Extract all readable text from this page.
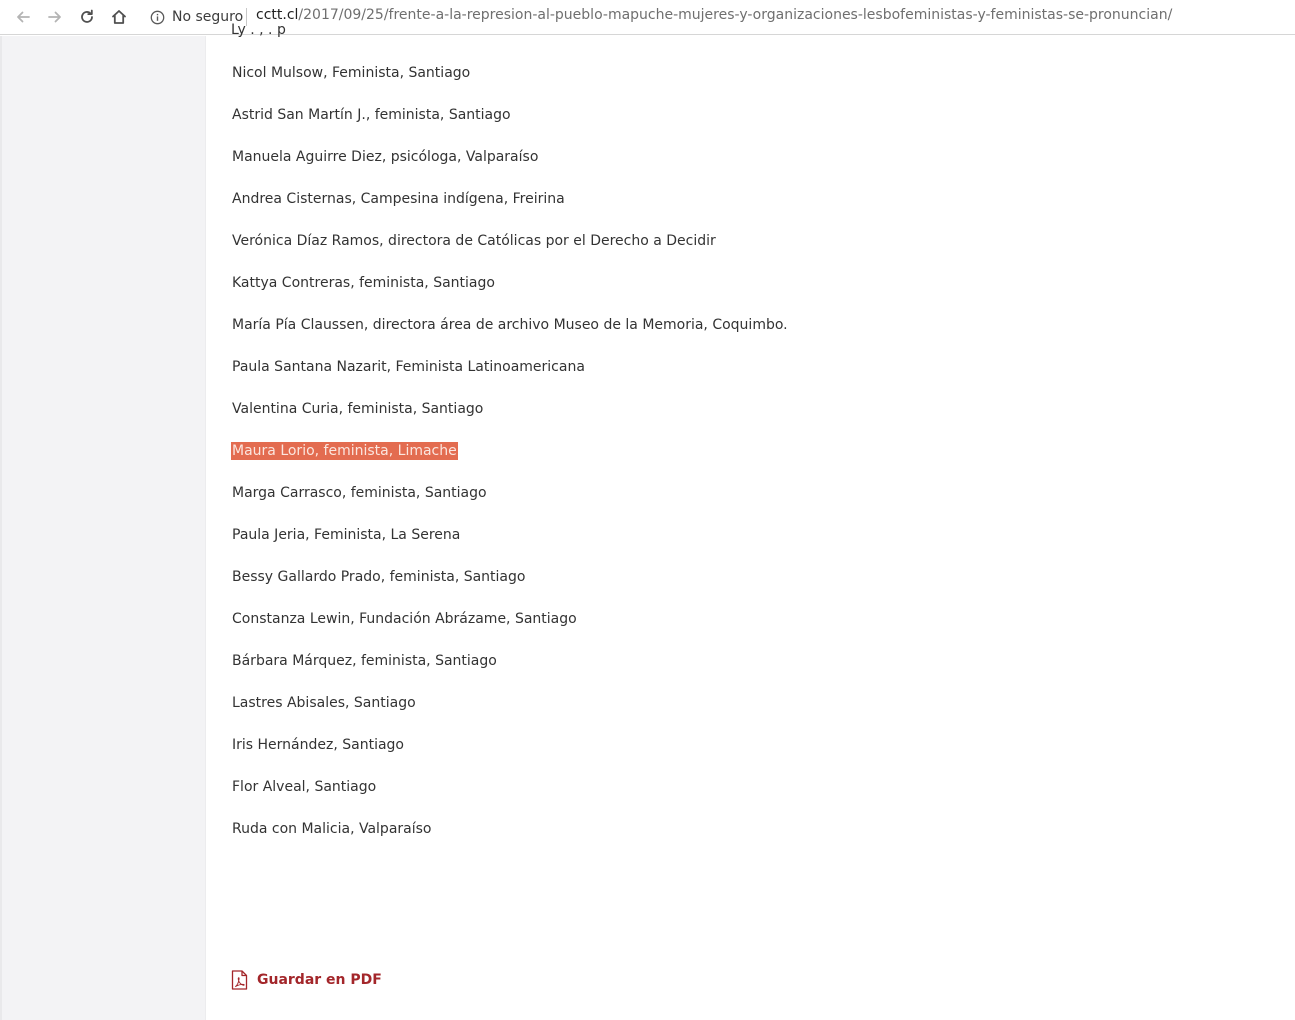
No seguro cctt.cl/2017/09/25/frente-a-la-represion-al-pueblo-mapuche-mujeres-y-organizaciones-lesbofeministas-y-feministas-se-pronuncian/
Ly . , . p
Nicol Mulsow, Feminista, Santiago
Astrid San Martín J., feminista, Santiago
Manuela Aguirre Diez, psicóloga, Valparaíso
Andrea Cisternas, Campesina indígena, Freirina
Verónica Díaz Ramos, directora de Católicas por el Derecho a Decidir
Kattya Contreras, feminista, Santiago
María Pía Claussen, directora área de archivo Museo de la Memoria, Coquimbo.
Paula Santana Nazarit, Feminista Latinoamericana
Valentina Curia, feminista, Santiago
Maura Lorio, feminista, Limache
Marga Carrasco, feminista, Santiago
Paula Jeria, Feminista, La Serena
Bessy Gallardo Prado, feminista, Santiago
Constanza Lewin, Fundación Abrázame, Santiago
Bárbara Márquez, feminista, Santiago
Lastres Abisales, Santiago
Iris Hernández, Santiago
Flor Alveal, Santiago
Ruda con Malicia, Valparaíso
Guardar en PDF
